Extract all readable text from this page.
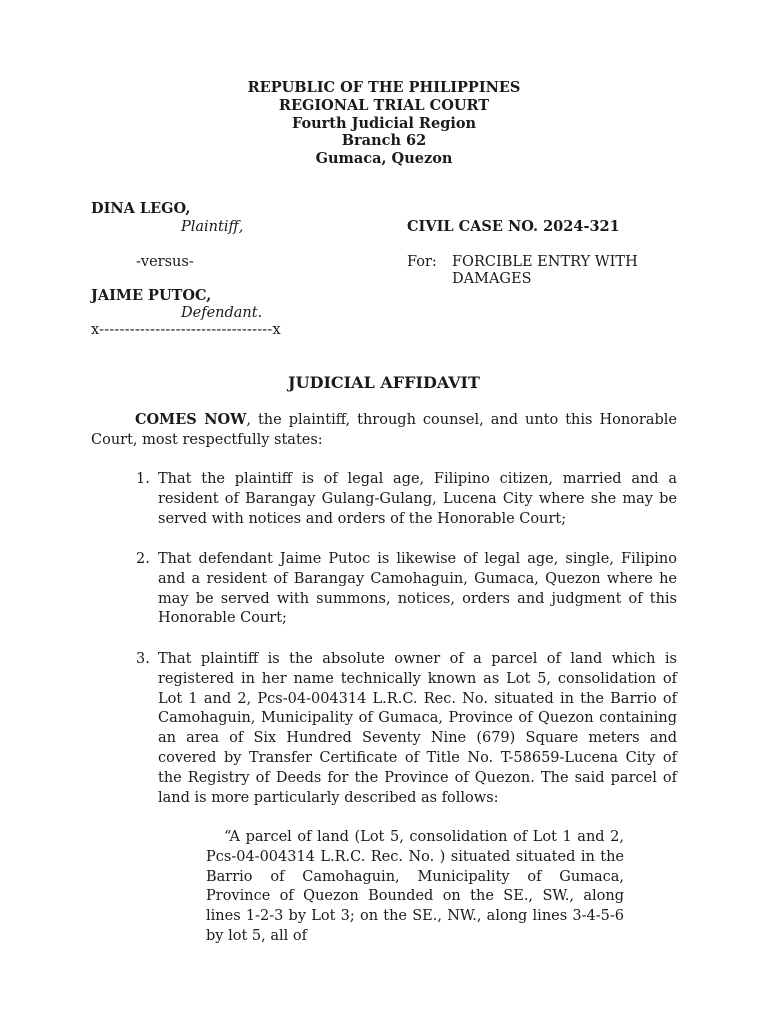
REPUBLIC OF THE PHILIPPINES
REGIONAL TRIAL COURT
Fourth Judicial Region
Branch 62
Gumaca, Quezon
DINA LEGO,
Plaintiff,	CIVIL CASE NO. 2024-321
-versus-	For: FORCIBLE ENTRY WITH
DAMAGES
JAIME PUTOC,
Defendant.
x----------------------------------x
JUDICIAL AFFIDAVIT
COMES NOW, the plaintiff, through counsel, and unto this Honorable Court, most respectfully states:
1. That the plaintiff is of legal age, Filipino citizen, married and a resident of Barangay Gulang-Gulang, Lucena City where she may be served with notices and orders of the Honorable Court;
2. That defendant Jaime Putoc is likewise of legal age, single, Filipino and a resident of Barangay Camohaguin, Gumaca, Quezon where he may be served with summons, notices, orders and judgment of this Honorable Court;
3. That plaintiff is the absolute owner of a parcel of land which is registered in her name technically known as Lot 5, consolidation of Lot 1 and 2, Pcs-04-004314 L.R.C. Rec. No. situated in the Barrio of Camohaguin, Municipality of Gumaca, Province of Quezon containing an area of Six Hundred Seventy Nine (679) Square meters and covered by Transfer Certificate of Title No. T-58659-Lucena City of the Registry of Deeds for the Province of Quezon. The said parcel of land is more particularly described as follows:
“A parcel of land (Lot 5, consolidation of Lot 1 and 2, Pcs-04-004314 L.R.C. Rec. No. ) situated situated in the Barrio of Camohaguin, Municipality of Gumaca, Province of Quezon Bounded on the SE., SW., along lines 1-2-3 by Lot 3; on the SE., NW., along lines 3-4-5-6 by lot 5, all of
